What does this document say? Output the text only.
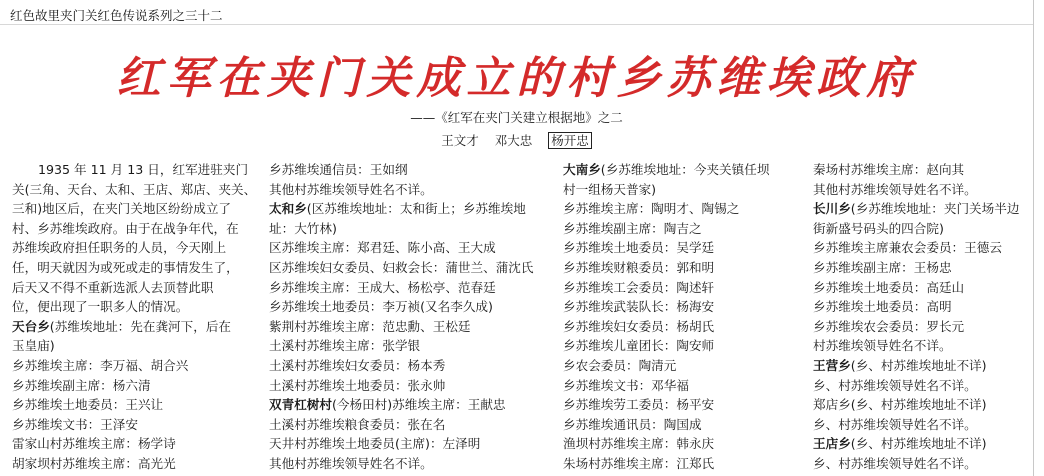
红色故里夹门关红色传说系列之三十二
红军在夹门关成立的村乡苏维埃政府
——《红军在夹门关建立根据地》之二
王文才 邓大忠 杨开忠
1935 年 11 月 13 日，红军进驻夹门
关(三角、天台、太和、王店、郑店、夹关、
三和)地区后，在夹门关地区纷纷成立了
村、乡苏维埃政府。由于在战争年代，在
苏维埃政府担任职务的人员，今天刚上
任，明天就因为或死或走的事情发生了，
后天又不得不重新选派人去顶替此职
位，便出现了一职多人的情况。
天台乡(苏维埃地址：先在龚河下，后在
玉皇庙)
乡苏维埃主席：李万福、胡合兴
乡苏维埃副主席：杨六清
乡苏维埃土地委员：王兴让
乡苏维埃文书：王泽安
雷家山村苏维埃主席：杨学诗
胡家坝村苏维埃主席：高光光
乡苏维埃通信员：王如纲
其他村苏维埃领导姓名不详。
太和乡(区苏维埃地址：太和街上；乡苏维埃地
址：大竹林)
区苏维埃主席：郑君廷、陈小高、王大成
区苏维埃妇女委员、妇救会长：蒲世兰、蒲沈氏
乡苏维埃主席：王成大、杨松亭、范春廷
乡苏维埃土地委员：李万祯(又名李久成)
紫荆村苏维埃主席：范忠勳、王松廷
土溪村苏维埃主席：张学银
土溪村苏维埃妇女委员：杨本秀
土溪村苏维埃土地委员：张永帅
双青杠树村(今杨田村)苏维埃主席：王献忠
土溪村苏维埃粮食委员：张在名
天井村苏维埃土地委员(主席)：左泽明
其他村苏维埃领导姓名不详。
大南乡(乡苏维埃地址：今夹关镇任坝
村一组杨天普家)
乡苏维埃主席：陶明才、陶锡之
乡苏维埃副主席：陶吉之
乡苏维埃土地委员：吴学廷
乡苏维埃财粮委员：郭和明
乡苏维埃工会委员：陶述轩
乡苏维埃武装队长：杨海安
乡苏维埃妇女委员：杨胡氏
乡苏维埃儿童团长：陶安师
乡农会委员：陶清元
乡苏维埃文书：邓华福
乡苏维埃劳工委员：杨平安
乡苏维埃通讯员：陶国成
渔坝村苏维埃主席：韩永庆
朱场村苏维埃主席：江郑氏
秦场村苏维埃主席：赵向其
其他村苏维埃领导姓名不详。
长川乡(乡苏维埃地址：夹门关场半边
街新盛号码头的四合院)
乡苏维埃主席兼农会委员：王德云
乡苏维埃副主席：王杨忠
乡苏维埃土地委员：高廷山
乡苏维埃土地委员：高明
乡苏维埃农会委员：罗长元
村苏维埃领导姓名不详。
王营乡(乡、村苏维埃地址不详)
乡、村苏维埃领导姓名不详。
郑店乡(乡、村苏维埃地址不详)
乡、村苏维埃领导姓名不详。
王店乡(乡、村苏维埃地址不详)
乡、村苏维埃领导姓名不详。
